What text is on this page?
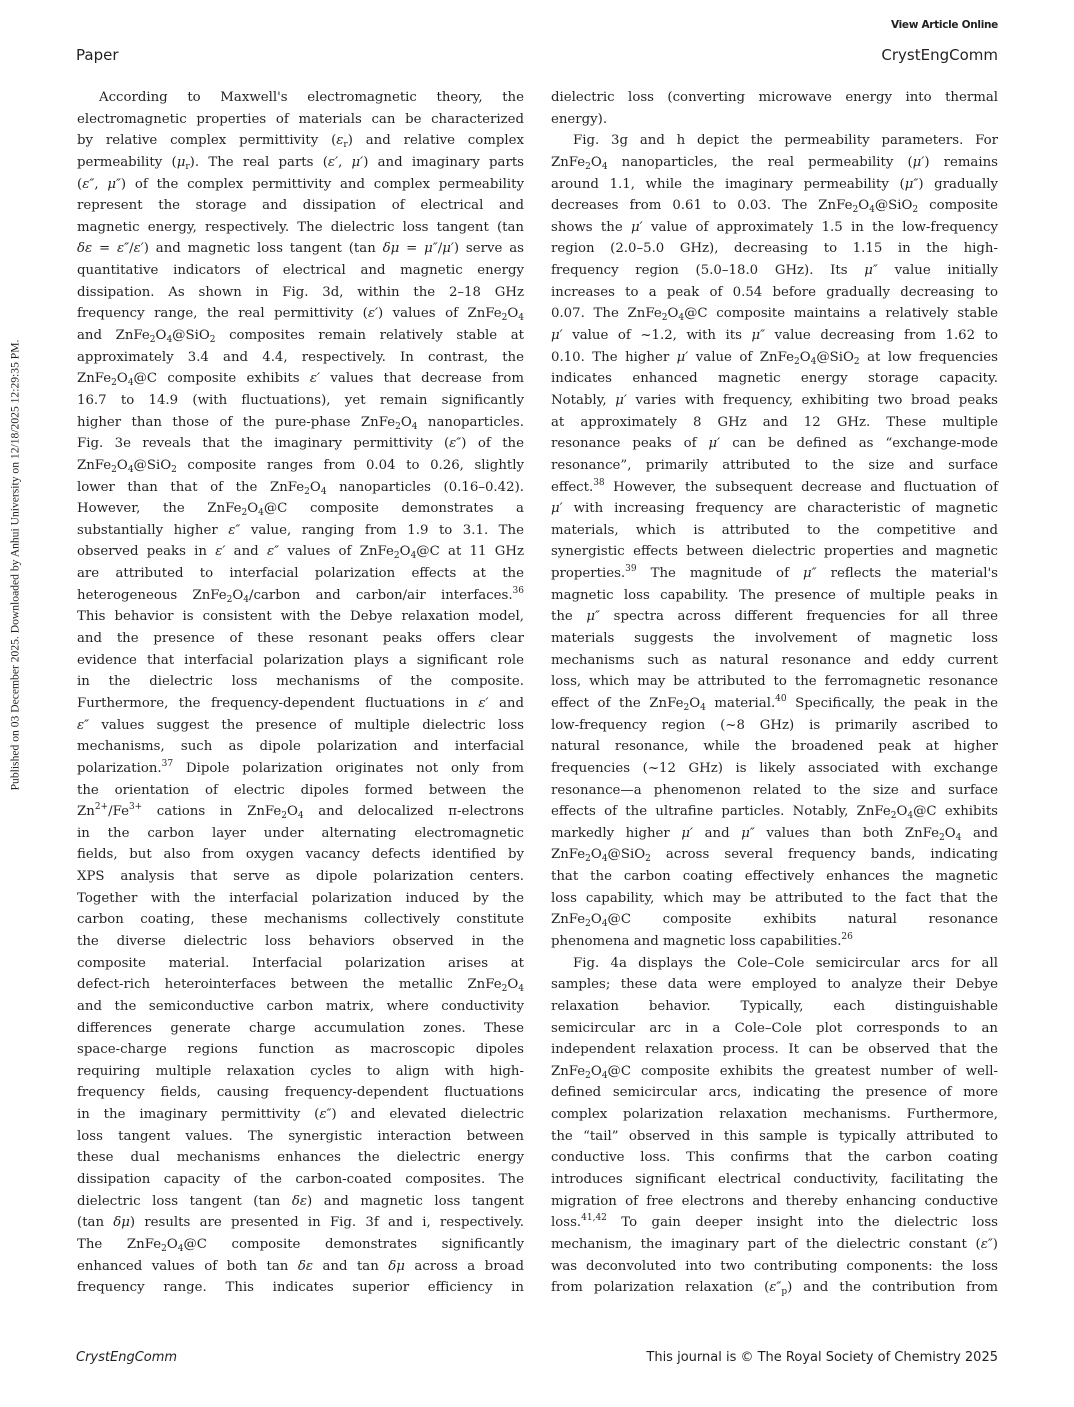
View Article Online
Paper	CrystEngComm
Published on 03 December 2025. Downloaded by Anhui University on 12/18/2025 12:29:35 PM.
According to Maxwell's electromagnetic theory, the
electromagnetic properties of materials can be characterized
by relative complex permittivity $(\varepsilon_r)$ and relative complex
permeability $(\mu_r)$. The real parts (ε′, μ′) and imaginary parts
(ε″, μ″) of the complex permittivity and complex permeability
represent the storage and dissipation of electrical and
magnetic energy, respectively. The dielectric loss tangent (tan
δε = ε″/ε′) and magnetic loss tangent (tan δμ = μ″/μ′) serve as
quantitative indicators of electrical and magnetic energy
dissipation. As shown in Fig. 3d, within the 2–18 GHz
frequency range, the real permittivity (ε′) values of $ZnFe_2O_4$
and $ZnFe_2O_4@SiO_2$ composites remain relatively stable at
approximately 3.4 and 4.4, respectively. In contrast, the
$ZnFe_2O_4@C$ composite exhibits ε′ values that decrease from
16.7 to 14.9 (with fluctuations), yet remain significantly
higher than those of the pure-phase $ZnFe_2O_4$ nanoparticles.
Fig. 3e reveals that the imaginary permittivity (ε″) of the
$ZnFe_2O_4@SiO_2$ composite ranges from 0.04 to 0.26, slightly
lower than that of the $ZnFe_2O_4$ nanoparticles (0.16–0.42).
However, the $ZnFe_2O_4@C$ composite demonstrates a
substantially higher ε″ value, ranging from 1.9 to 3.1. The
observed peaks in ε′ and ε″ values of $ZnFe_2O_4@C$ at 11 GHz
are attributed to interfacial polarization effects at the
heterogeneous $ZnFe_2O_4$/carbon and carbon/air interfaces.$^{36}$
This behavior is consistent with the Debye relaxation model,
and the presence of these resonant peaks offers clear
evidence that interfacial polarization plays a significant role
in the dielectric loss mechanisms of the composite.
Furthermore, the frequency-dependent fluctuations in ε′ and
ε″ values suggest the presence of multiple dielectric loss
mechanisms, such as dipole polarization and interfacial
polarization.$^{37}$ Dipole polarization originates not only from
the orientation of electric dipoles formed between the
$Zn^{2+}/Fe^{3+}$ cations in $ZnFe_2O_4$ and delocalized π-electrons
in the carbon layer under alternating electromagnetic
fields, but also from oxygen vacancy defects identified by
XPS analysis that serve as dipole polarization centers.
Together with the interfacial polarization induced by the
carbon coating, these mechanisms collectively constitute
the diverse dielectric loss behaviors observed in the
composite material. Interfacial polarization arises at
defect-rich heterointerfaces between the metallic $ZnFe_2O_4$
and the semiconductive carbon matrix, where conductivity
differences generate charge accumulation zones. These
space-charge regions function as macroscopic dipoles
requiring multiple relaxation cycles to align with high-
frequency fields, causing frequency-dependent fluctuations
in the imaginary permittivity (ε″) and elevated dielectric
loss tangent values. The synergistic interaction between
these dual mechanisms enhances the dielectric energy
dissipation capacity of the carbon-coated composites. The
dielectric loss tangent (tan δε) and magnetic loss tangent
(tan δμ) results are presented in Fig. 3f and i, respectively.
The $ZnFe_2O_4@C$ composite demonstrates significantly
enhanced values of both tan δε and tan δμ across a broad
frequency range. This indicates superior efficiency in
dielectric loss (converting microwave energy into thermal
energy).
Fig. 3g and h depict the permeability parameters. For
$ZnFe_2O_4$ nanoparticles, the real permeability (μ′) remains
around 1.1, while the imaginary permeability (μ″) gradually
decreases from 0.61 to 0.03. The $ZnFe_2O_4@SiO_2$ composite
shows the μ′ value of approximately 1.5 in the low-frequency
region (2.0–5.0 GHz), decreasing to 1.15 in the high-
frequency region (5.0–18.0 GHz). Its μ″ value initially
increases to a peak of 0.54 before gradually decreasing to
0.07. The $ZnFe_2O_4@C$ composite maintains a relatively stable
μ′ value of ~1.2, with its μ″ value decreasing from 1.62 to
0.10. The higher μ′ value of $ZnFe_2O_4@SiO_2$ at low frequencies
indicates enhanced magnetic energy storage capacity.
Notably, μ′ varies with frequency, exhibiting two broad peaks
at approximately 8 GHz and 12 GHz. These multiple
resonance peaks of μ′ can be defined as “exchange-mode
resonance”, primarily attributed to the size and surface
effect.$^{38}$ However, the subsequent decrease and fluctuation of
μ′ with increasing frequency are characteristic of magnetic
materials, which is attributed to the competitive and
synergistic effects between dielectric properties and magnetic
properties.$^{39}$ The magnitude of μ″ reflects the material's
magnetic loss capability. The presence of multiple peaks in
the μ″ spectra across different frequencies for all three
materials suggests the involvement of magnetic loss
mechanisms such as natural resonance and eddy current
loss, which may be attributed to the ferromagnetic resonance
effect of the $ZnFe_2O_4$ material.$^{40}$ Specifically, the peak in the
low-frequency region (~8 GHz) is primarily ascribed to
natural resonance, while the broadened peak at higher
frequencies (~12 GHz) is likely associated with exchange
resonance—a phenomenon related to the size and surface
effects of the ultrafine particles. Notably, $ZnFe_2O_4@C$ exhibits
markedly higher μ′ and μ″ values than both $ZnFe_2O_4$ and
$ZnFe_2O_4@SiO_2$ across several frequency bands, indicating
that the carbon coating effectively enhances the magnetic
loss capability, which may be attributed to the fact that the
$ZnFe_2O_4@C$ composite exhibits natural resonance
phenomena and magnetic loss capabilities.$^{26}$
Fig. 4a displays the Cole–Cole semicircular arcs for all
samples; these data were employed to analyze their Debye
relaxation behavior. Typically, each distinguishable
semicircular arc in a Cole–Cole plot corresponds to an
independent relaxation process. It can be observed that the
$ZnFe_2O_4@C$ composite exhibits the greatest number of well-
defined semicircular arcs, indicating the presence of more
complex polarization relaxation mechanisms. Furthermore,
the “tail” observed in this sample is typically attributed to
conductive loss. This confirms that the carbon coating
introduces significant electrical conductivity, facilitating the
migration of free electrons and thereby enhancing conductive
loss.$^{41,42}$ To gain deeper insight into the dielectric loss
mechanism, the imaginary part of the dielectric constant (ε″)
was deconvoluted into two contributing components: the loss
from polarization relaxation $(\varepsilon''_p)$ and the contribution from
CrystEngComm	This journal is © The Royal Society of Chemistry 2025
